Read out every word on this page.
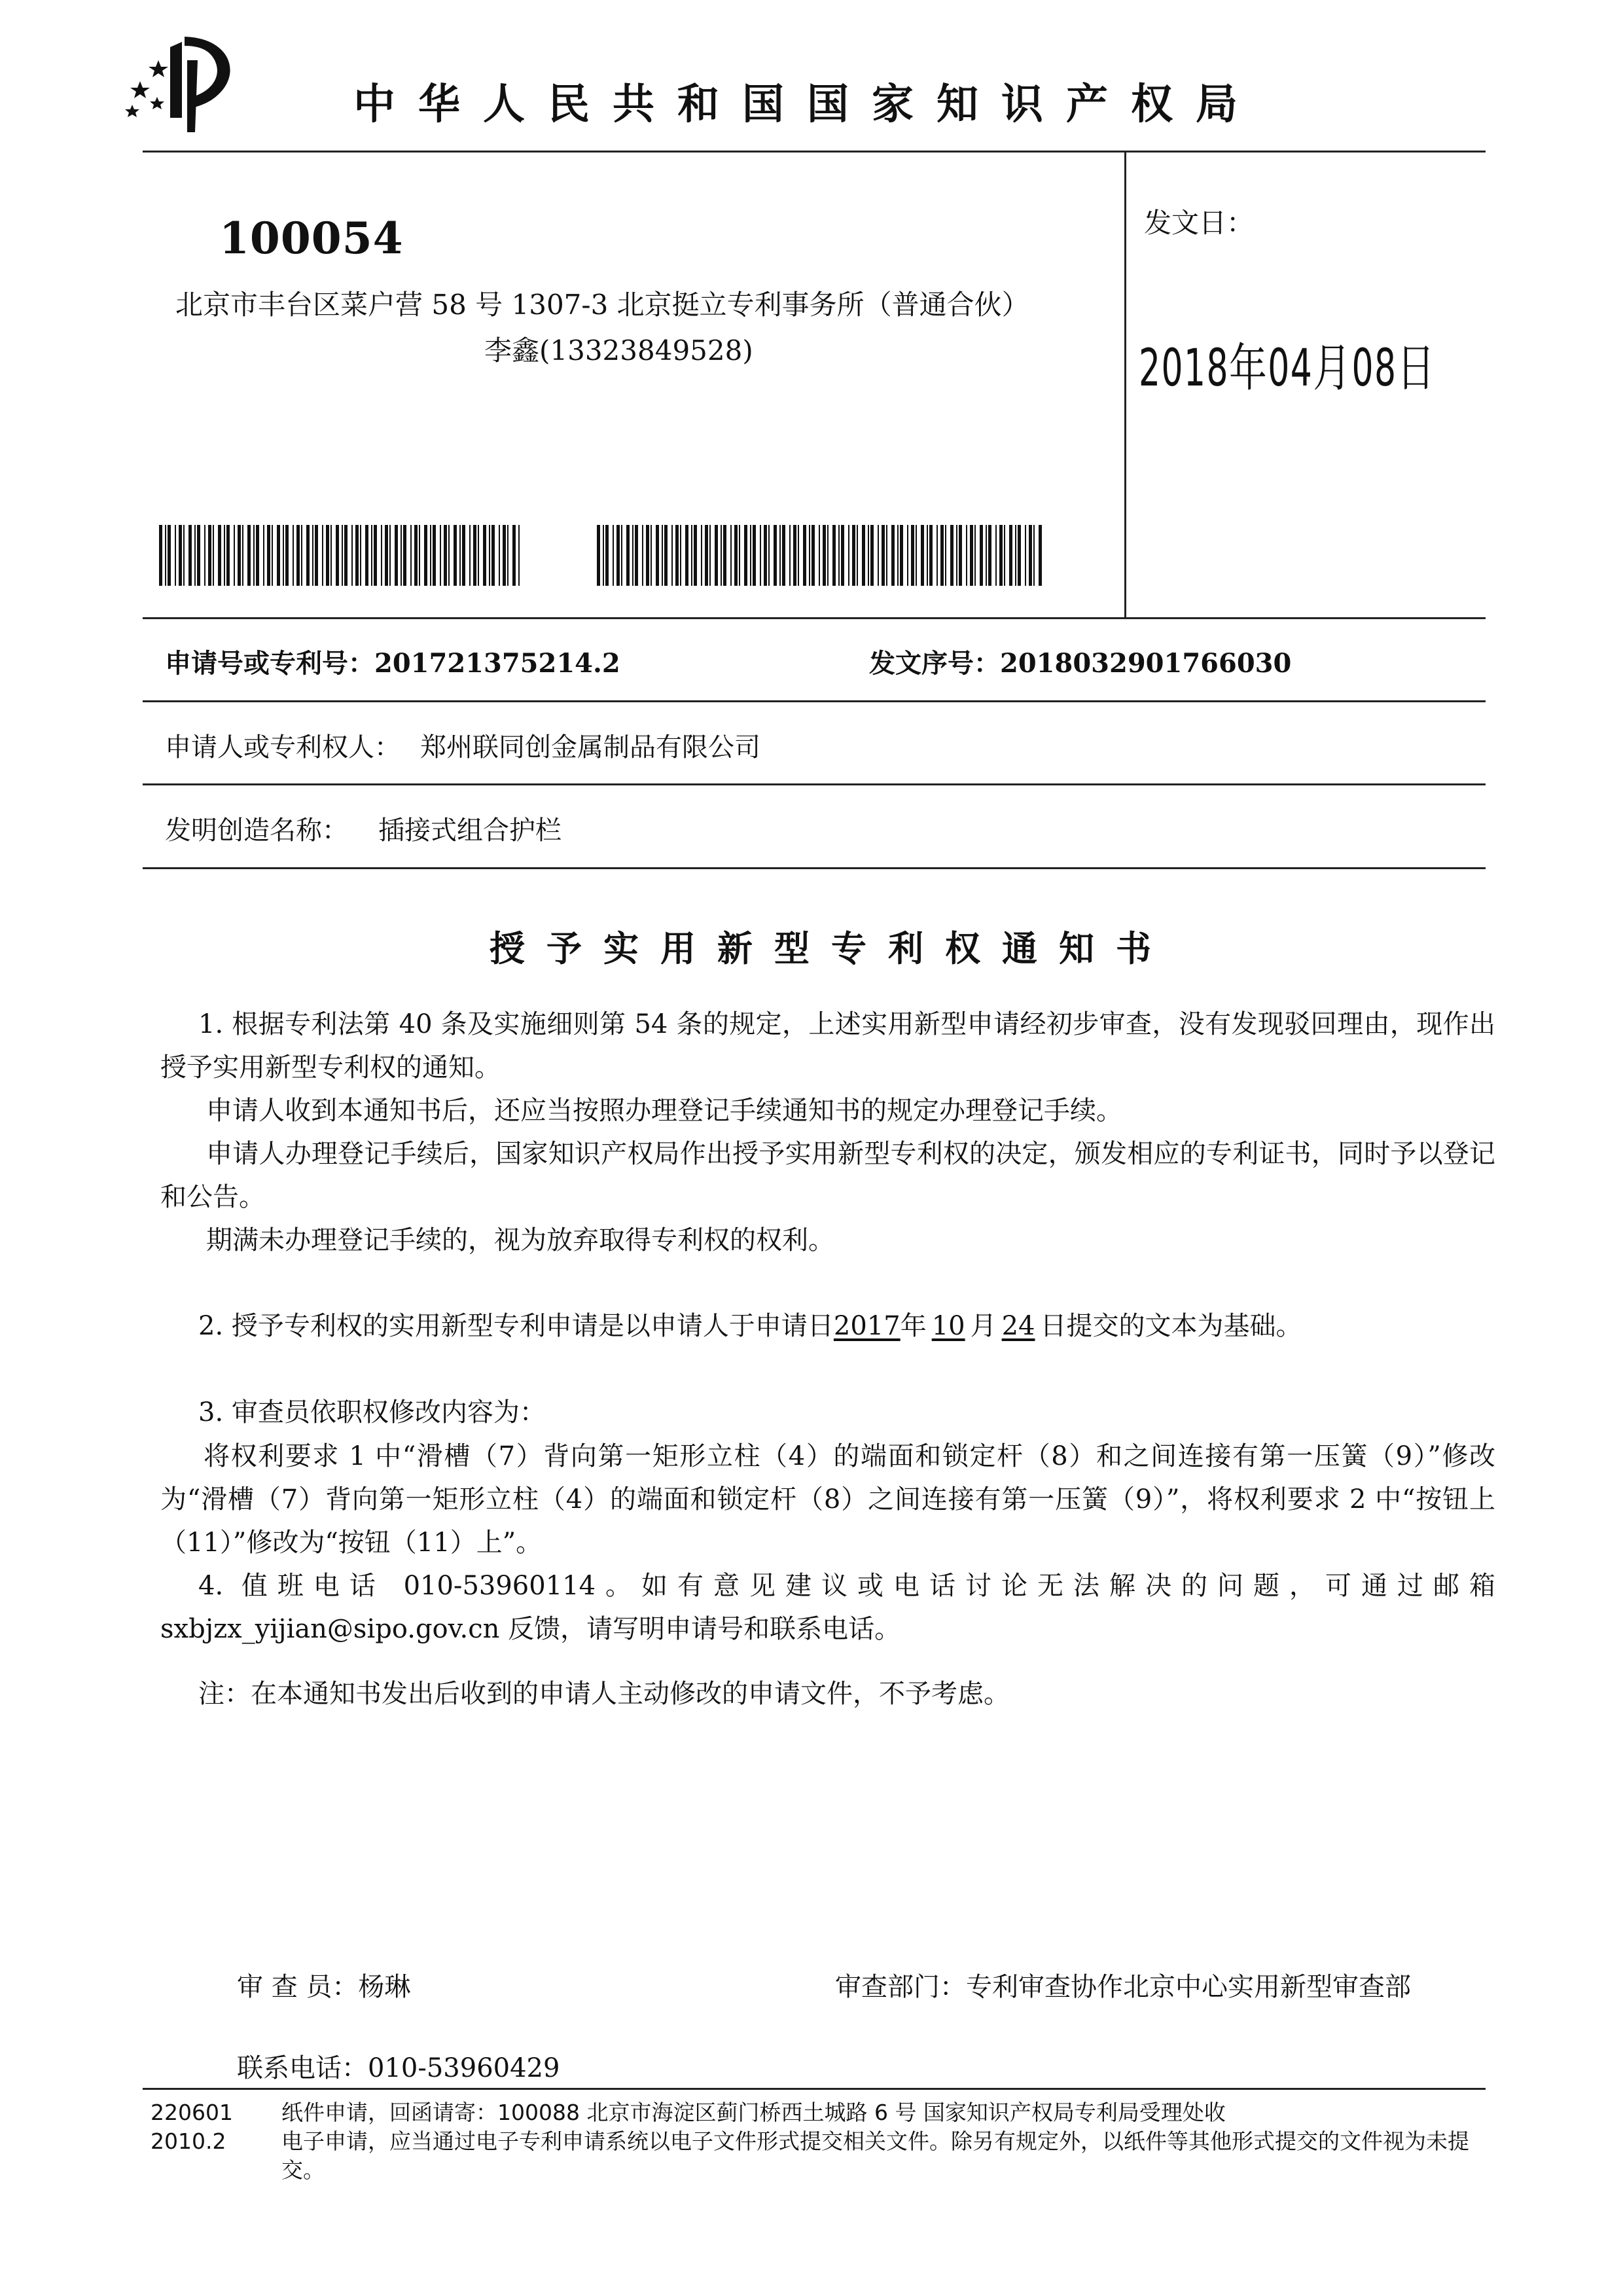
中华人民共和国国家知识产权局
100054
北京市丰台区菜户营 58 号 1307-3 北京挺立专利事务所（普通合伙）
李鑫(13323849528)
发文日：
2018年04月08日
申请号或专利号：201721375214.2	发文序号：2018032901766030
申请人或专利权人： 郑州联同创金属制品有限公司
发明创造名称： 插接式组合护栏
授予实用新型专利权通知书
1. 根据专利法第 40 条及实施细则第 54 条的规定，上述实用新型申请经初步审查，没有发现驳回理由，现作出授予实用新型专利权的通知。
申请人收到本通知书后，还应当按照办理登记手续通知书的规定办理登记手续。
申请人办理登记手续后，国家知识产权局作出授予实用新型专利权的决定，颁发相应的专利证书，同时予以登记和公告。
期满未办理登记手续的，视为放弃取得专利权的权利。
2. 授予专利权的实用新型专利申请是以申请人于申请日2017年 10 月 24 日提交的文本为基础。
3. 审查员依职权修改内容为：
将权利要求 1 中“滑槽（7）背向第一矩形立柱（4）的端面和锁定杆（8）和之间连接有第一压簧（9）”修改为“滑槽（7）背向第一矩形立柱（4）的端面和锁定杆（8）之间连接有第一压簧（9）”，将权利要求 2 中“按钮上（11）”修改为“按钮（11）上”。
4. 值班电话 010-53960114。如有意见建议或电话讨论无法解决的问题，可通过邮箱 sxbjzx_yijian@sipo.gov.cn 反馈，请写明申请号和联系电话。
注：在本通知书发出后收到的申请人主动修改的申请文件，不予考虑。
审 查 员：杨琳	审查部门：专利审查协作北京中心实用新型审查部
联系电话：010-53960429
220601
2010.2
纸件申请，回函请寄：100088 北京市海淀区蓟门桥西土城路 6 号 国家知识产权局专利局受理处收
电子申请，应当通过电子专利申请系统以电子文件形式提交相关文件。除另有规定外，以纸件等其他形式提交的文件视为未提交。
